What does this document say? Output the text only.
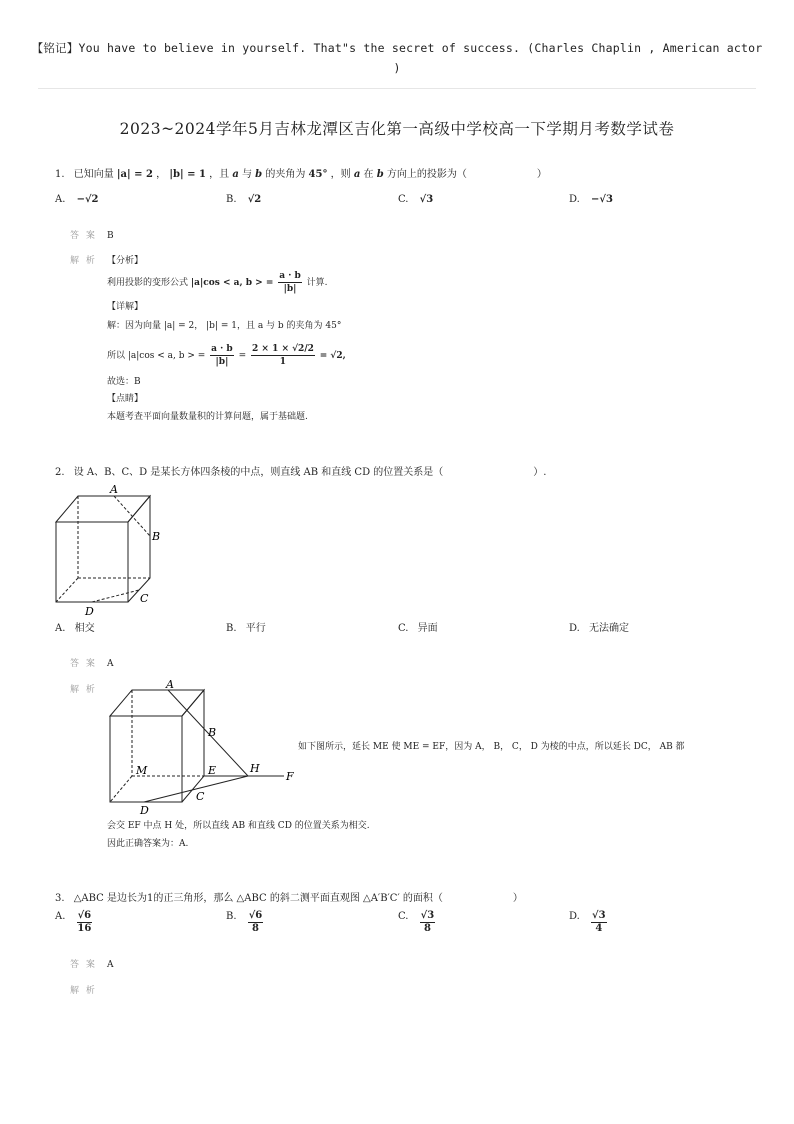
【铭记】You have to believe in yourself. That"s the secret of success. (Charles Chaplin , American actor )
2023~2024学年5月吉林龙潭区吉化第一高级中学校高一下学期月考数学试卷
1. 已知向量 |a| = 2 ， |b| = 1 ，且 a 与 b 的夹角为 45° ，则 a 在 b 方向上的投影为（　　　　　　　）
A. −√2	B. √2	C. √3	D. −√3
答 案 B
解 析 【分析】
利用投影的变形公式 |a|cos < a, b > = $\frac{a \cdot b}{|b|}$ 计算.
【详解】
解：因为向量 |a| = 2， |b| = 1，且 a 与 b 的夹角为 45°
所以 |a|cos < a, b > = $\frac{a \cdot b}{|b|} = \frac{2 \times 1 \times √2/2}{1} = √2$,
故选：B
【点睛】
本题考查平面向量数量积的计算问题，属于基础题.
2. 设 A、B、C、D 是某长方体四条棱的中点，则直线 AB 和直线 CD 的位置关系是（　　　　　　　　　）.
A
B
C
D
A. 相交	B. 平行	C. 异面	D. 无法确定
答 案 A
解 析	A
B
C
D
M	E	H
F
如下图所示，延长 ME 使 ME = EF，因为 A， B， C， D 为棱的中点，所以延长 DC， AB 都
会交 EF 中点 H 处，所以直线 AB 和直线 CD 的位置关系为相交.
因此正确答案为：A.
3. △ABC 是边长为1的正三角形，那么 △ABC 的斜二测平面直观图 △A′B′C′ 的面积（　　　　　　　）
A. $\frac{√6}{16}$	B. $\frac{√6}{8}$	C. $\frac{√3}{8}$	D. $\frac{√3}{4}$
答 案 A
解 析
